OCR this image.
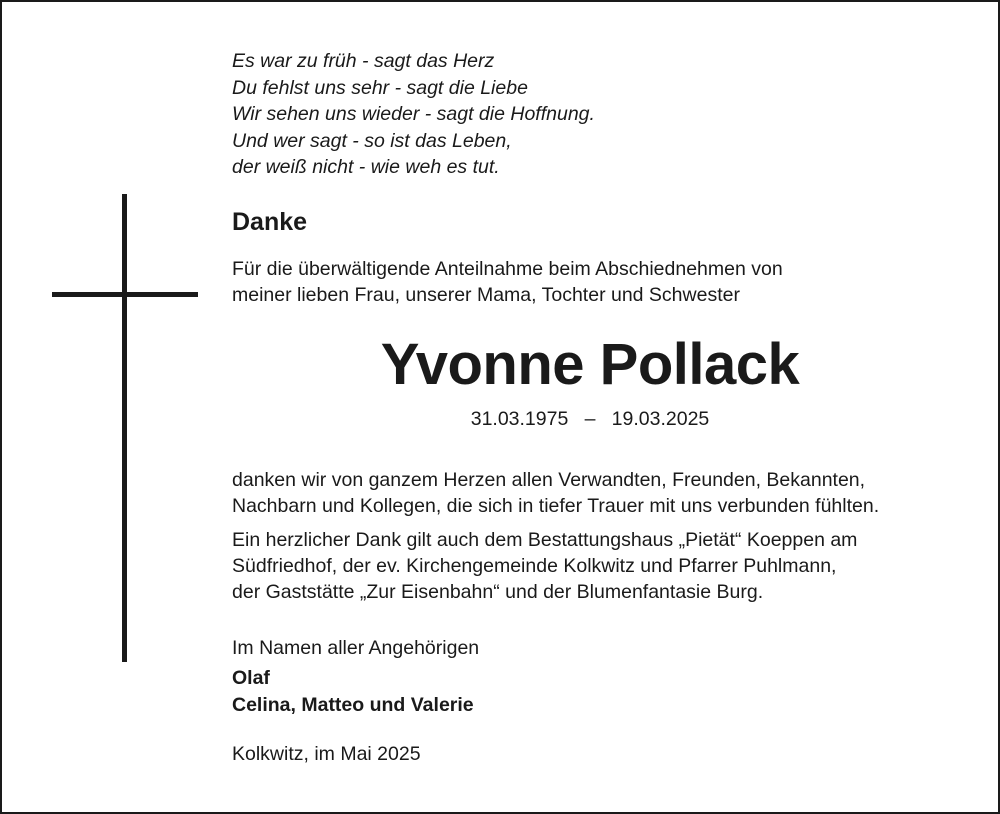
Es war zu früh - sagt das Herz
Du fehlst uns sehr - sagt die Liebe
Wir sehen uns wieder - sagt die Hoffnung.
Und wer sagt - so ist das Leben,
der weiß nicht - wie weh es tut.
Danke
Für die überwältigende Anteilnahme beim Abschiednehmen von
meiner lieben Frau, unserer Mama, Tochter und Schwester
Yvonne Pollack
31.03.1975   –   19.03.2025
danken wir von ganzem Herzen allen Verwandten, Freunden, Bekannten,
Nachbarn und Kollegen, die sich in tiefer Trauer mit uns verbunden fühlten.
Ein herzlicher Dank gilt auch dem Bestattungshaus „Pietät“ Koeppen am
Südfriedhof, der ev. Kirchengemeinde Kolkwitz und Pfarrer Puhlmann,
der Gaststätte „Zur Eisenbahn“ und der Blumenfantasie Burg.
Im Namen aller Angehörigen
Olaf
Celina, Matteo und Valerie
Kolkwitz, im Mai 2025
